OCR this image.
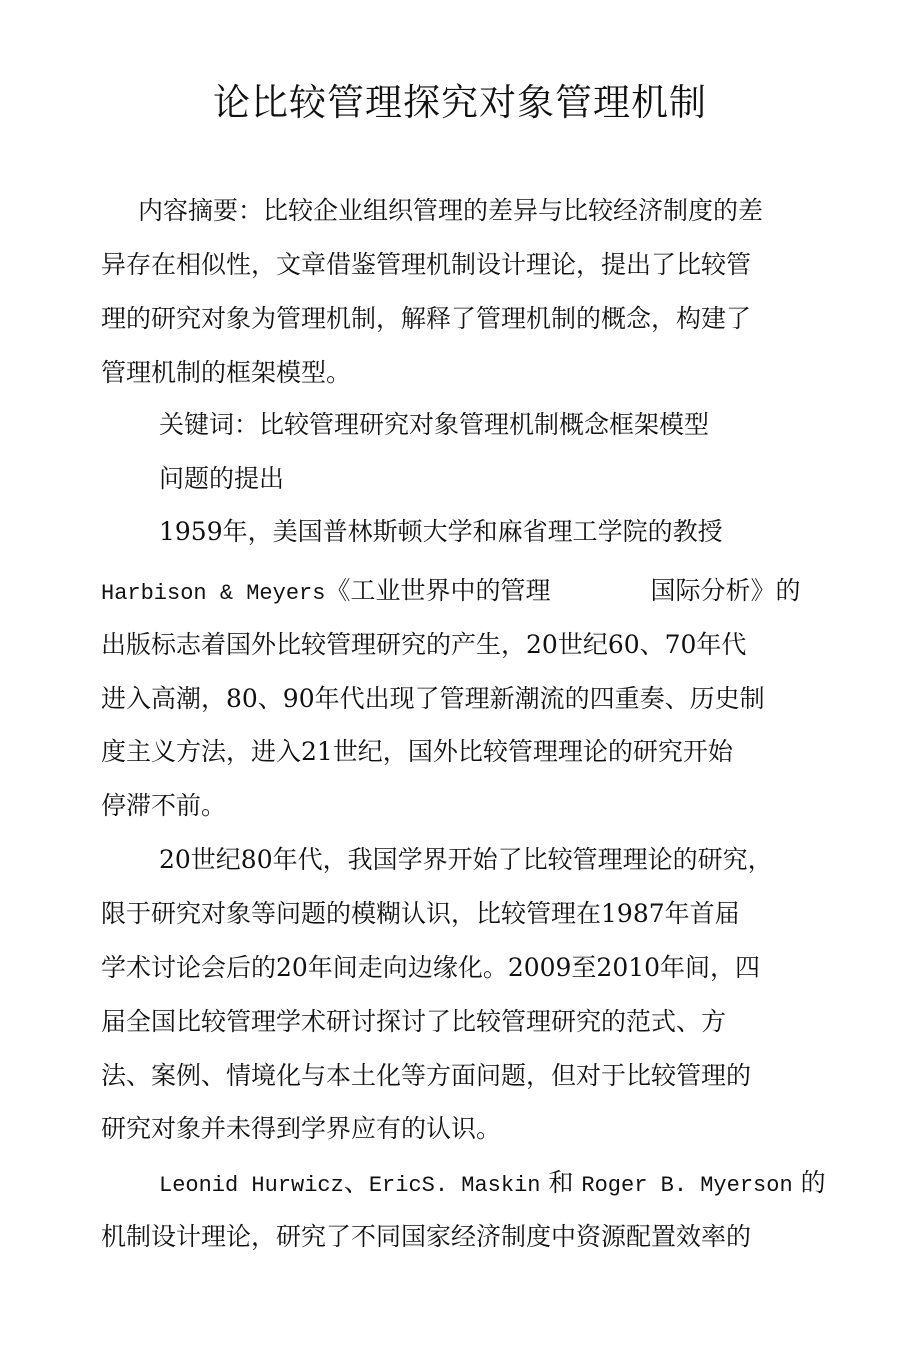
论比较管理探究对象管理机制
内容摘要：比较企业组织管理的差异与比较经济制度的差
异存在相似性，文章借鉴管理机制设计理论，提出了比较管
理的研究对象为管理机制，解释了管理机制的概念，构建了
管理机制的框架模型。
关键词：比较管理研究对象管理机制概念框架模型
问题的提出
1959年，美国普林斯顿大学和麻省理工学院的教授
Harbison & Meyers《工业世界中的管理	国际分析》的
出版标志着国外比较管理研究的产生，20世纪60、70年代
进入高潮，80、90年代出现了管理新潮流的四重奏、历史制
度主义方法，进入21世纪，国外比较管理理论的研究开始
停滞不前。
20世纪80年代，我国学界开始了比较管理理论的研究，
限于研究对象等问题的模糊认识，比较管理在1987年首届
学术讨论会后的20年间走向边缘化。2009至2010年间，四
届全国比较管理学术研讨探讨了比较管理研究的范式、方
法、案例、情境化与本土化等方面问题，但对于比较管理的
研究对象并未得到学界应有的认识。
Leonid Hurwicz、EricS. Maskin 和 Roger B. Myerson 的
机制设计理论，研究了不同国家经济制度中资源配置效率的
